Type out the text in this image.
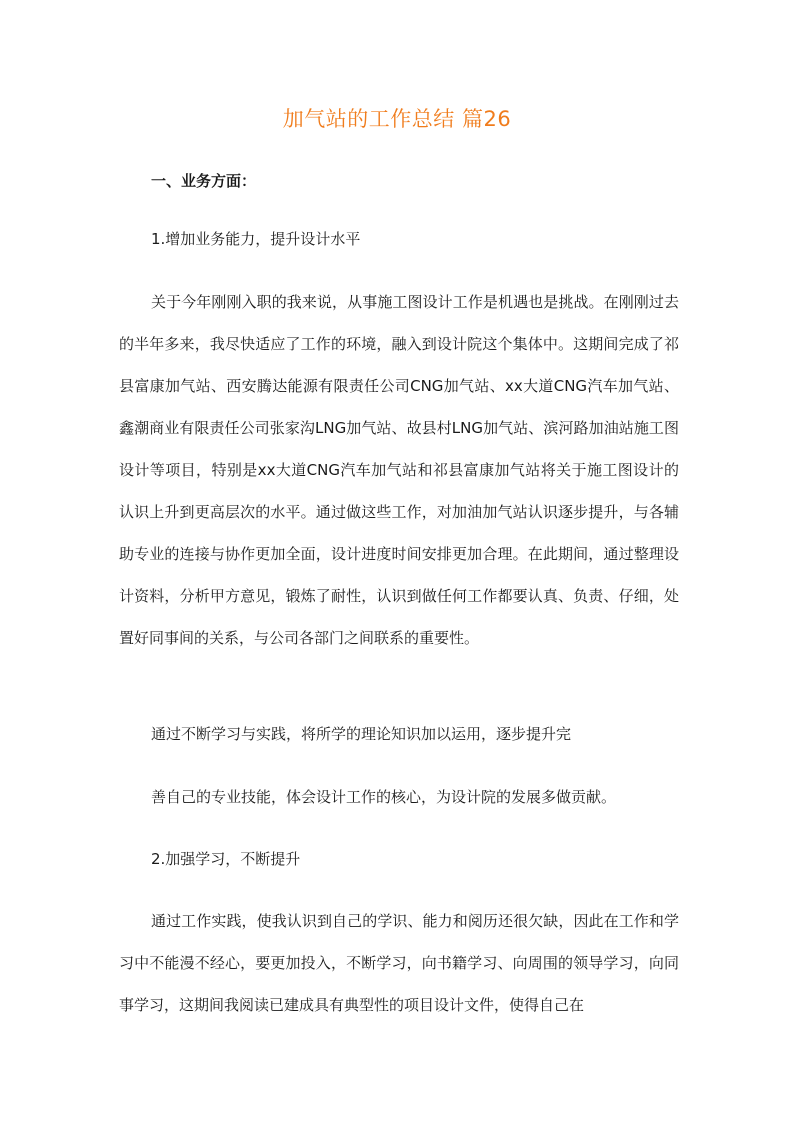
加气站的工作总结 篇26
一、业务方面：
1.增加业务能力，提升设计水平
关于今年刚刚入职的我来说，从事施工图设计工作是机遇也是挑战。在刚刚过去的半年多来，我尽快适应了工作的环境，融入到设计院这个集体中。这期间完成了祁县富康加气站、西安腾达能源有限责任公司CNG加气站、xx大道CNG汽车加气站、鑫潮商业有限责任公司张家沟LNG加气站、故县村LNG加气站、滨河路加油站施工图设计等项目，特别是xx大道CNG汽车加气站和祁县富康加气站将关于施工图设计的认识上升到更高层次的水平。通过做这些工作，对加油加气站认识逐步提升，与各辅助专业的连接与协作更加全面，设计进度时间安排更加合理。在此期间，通过整理设计资料，分析甲方意见，锻炼了耐性，认识到做任何工作都要认真、负责、仔细，处置好同事间的关系，与公司各部门之间联系的重要性。
通过不断学习与实践，将所学的理论知识加以运用，逐步提升完
善自己的专业技能，体会设计工作的核心，为设计院的发展多做贡献。
2.加强学习，不断提升
通过工作实践，使我认识到自己的学识、能力和阅历还很欠缺，因此在工作和学习中不能漫不经心，要更加投入，不断学习，向书籍学习、向周围的领导学习，向同事学习，这期间我阅读已建成具有典型性的项目设计文件，使得自己在
